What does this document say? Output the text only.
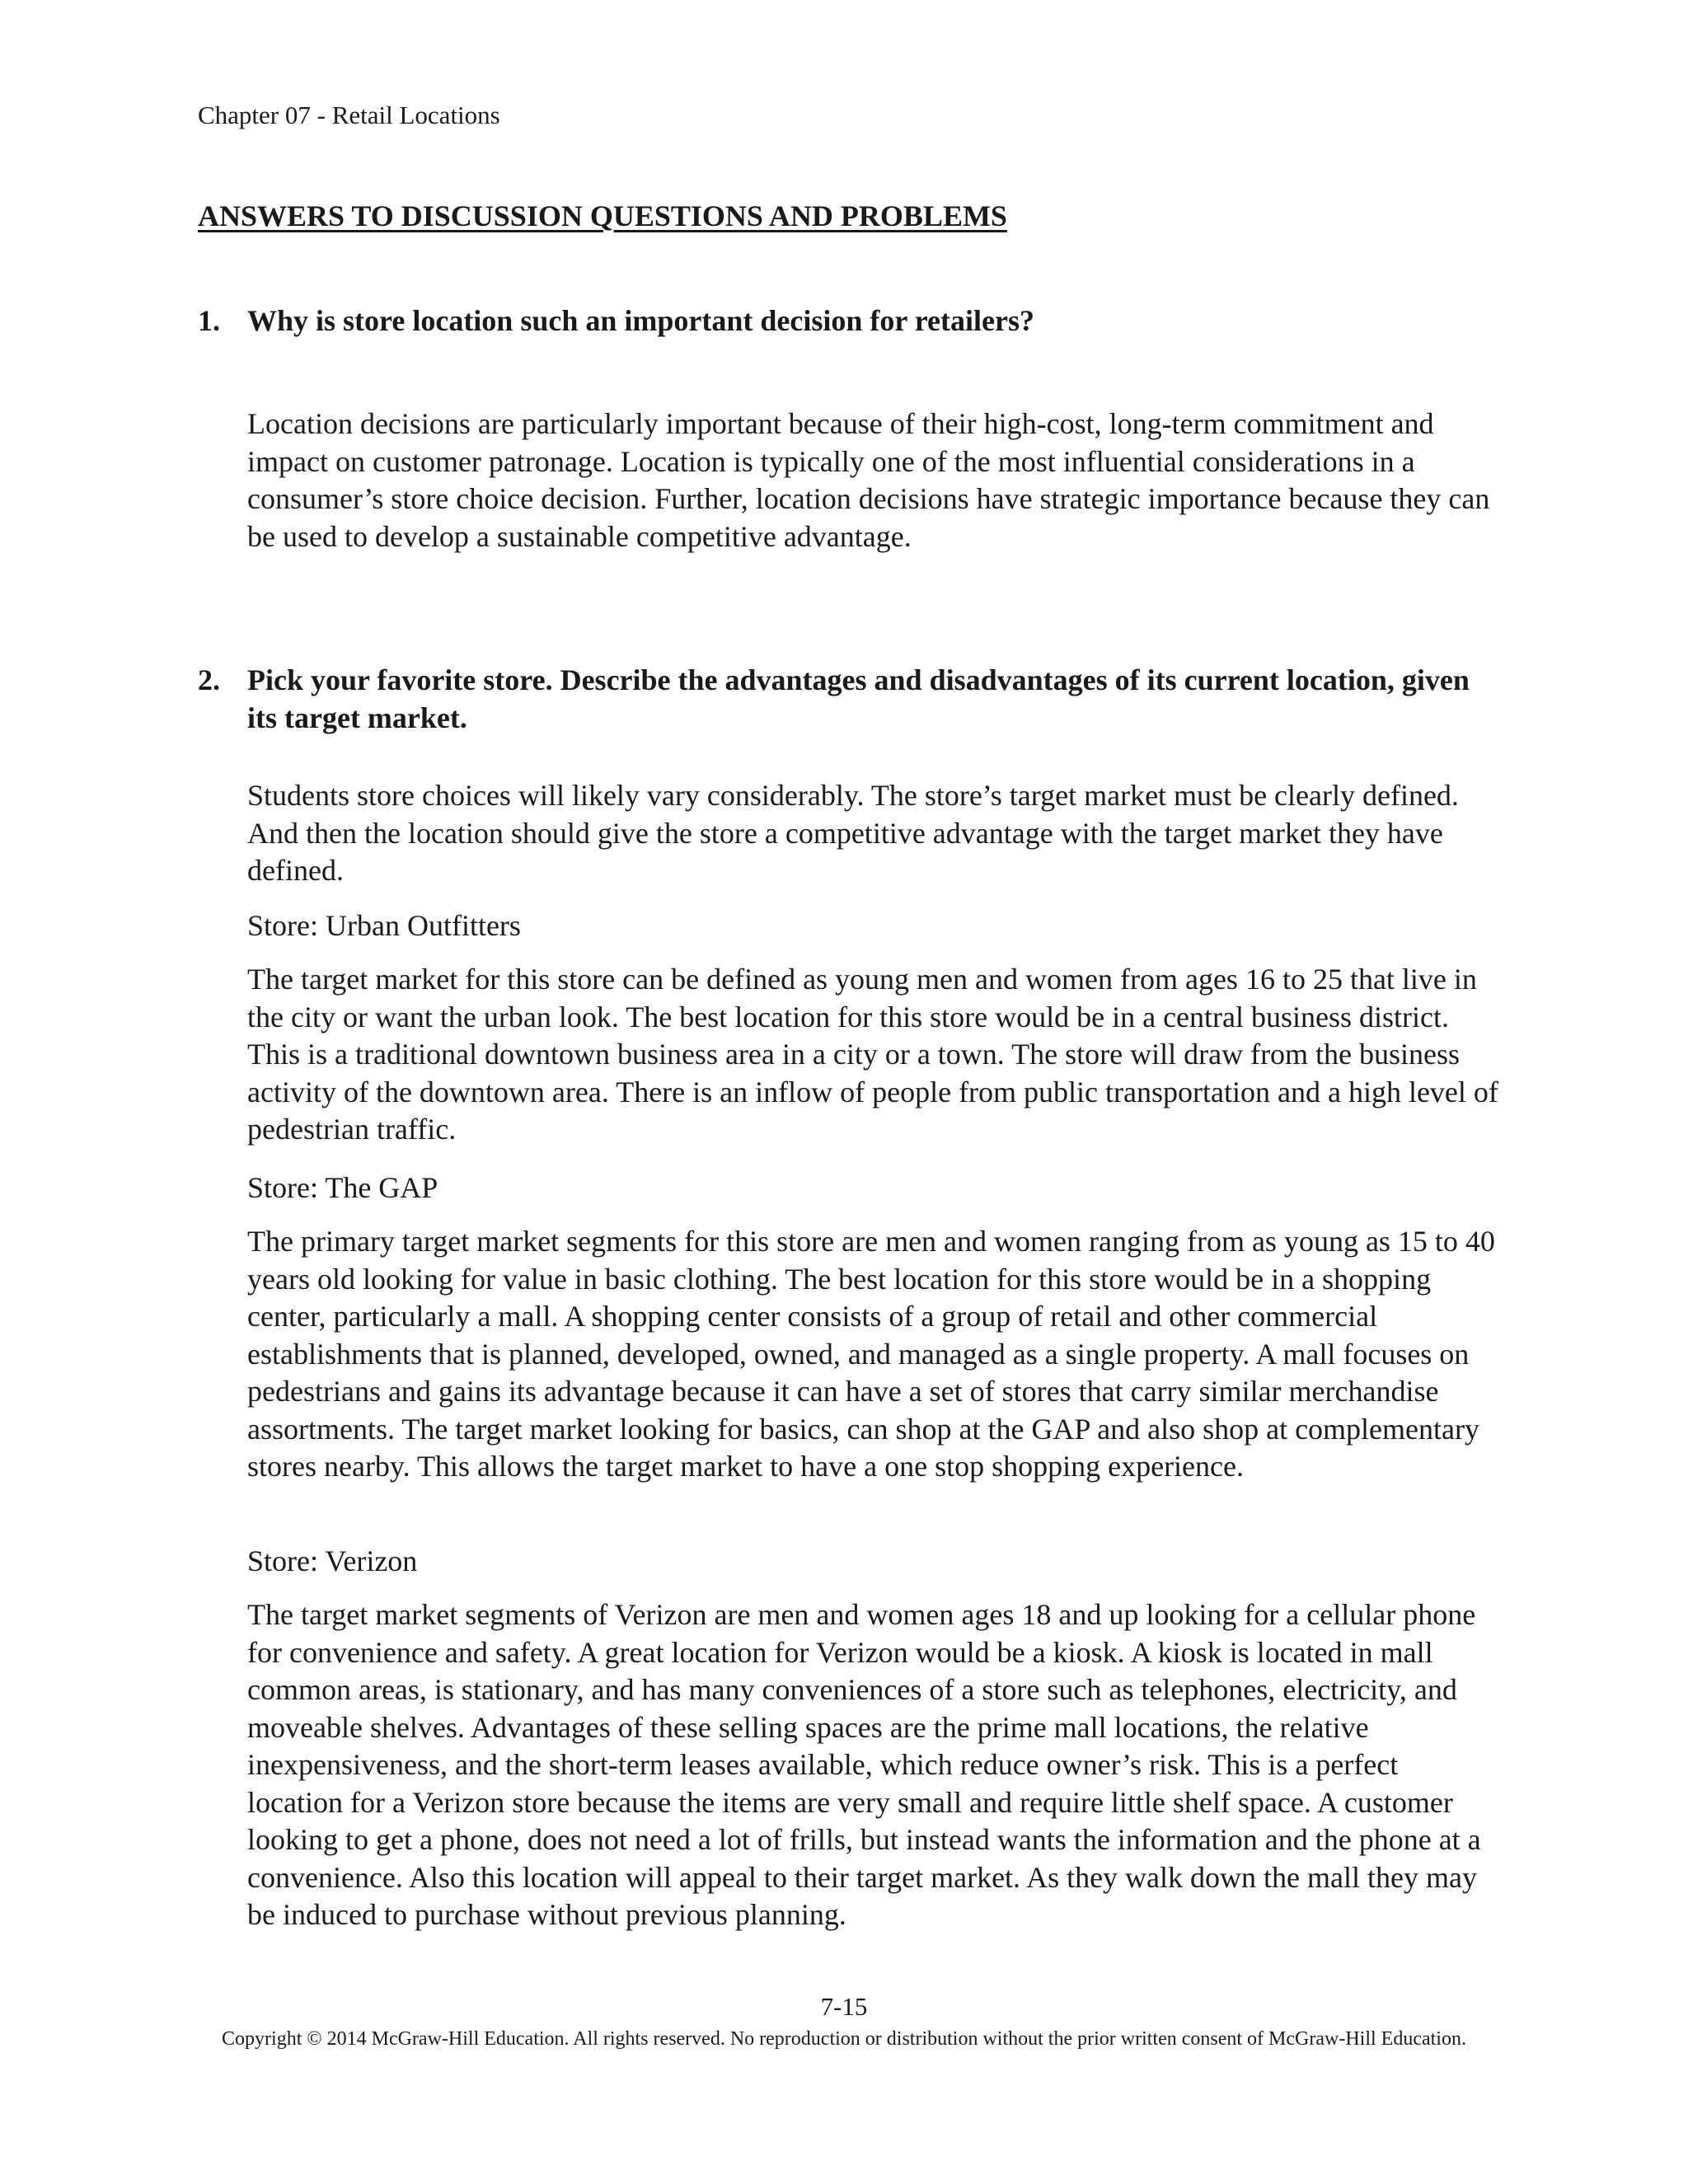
Chapter 07 - Retail Locations
ANSWERS TO DISCUSSION QUESTIONS AND PROBLEMS
1. Why is store location such an important decision for retailers?

Location decisions are particularly important because of their high-cost, long-term commitment and impact on customer patronage. Location is typically one of the most influential considerations in a consumer’s store choice decision. Further, location decisions have strategic importance because they can be used to develop a sustainable competitive advantage.

2. Pick your favorite store. Describe the advantages and disadvantages of its current location, given its target market.

Students store choices will likely vary considerably. The store’s target market must be clearly defined. And then the location should give the store a competitive advantage with the target market they have defined.

Store: Urban Outfitters

The target market for this store can be defined as young men and women from ages 16 to 25 that live in the city or want the urban look. The best location for this store would be in a central business district. This is a traditional downtown business area in a city or a town. The store will draw from the business activity of the downtown area. There is an inflow of people from public transportation and a high level of pedestrian traffic.

Store: The GAP

The primary target market segments for this store are men and women ranging from as young as 15 to 40 years old looking for value in basic clothing. The best location for this store would be in a shopping center, particularly a mall. A shopping center consists of a group of retail and other commercial establishments that is planned, developed, owned, and managed as a single property. A mall focuses on pedestrians and gains its advantage because it can have a set of stores that carry similar merchandise assortments. The target market looking for basics, can shop at the GAP and also shop at complementary stores nearby. This allows the target market to have a one stop shopping experience.

Store: Verizon

The target market segments of Verizon are men and women ages 18 and up looking for a cellular phone for convenience and safety. A great location for Verizon would be a kiosk. A kiosk is located in mall common areas, is stationary, and has many conveniences of a store such as telephones, electricity, and moveable shelves. Advantages of these selling spaces are the prime mall locations, the relative inexpensiveness, and the short-term leases available, which reduce owner’s risk. This is a perfect location for a Verizon store because the items are very small and require little shelf space. A customer looking to get a phone, does not need a lot of frills, but instead wants the information and the phone at a convenience. Also this location will appeal to their target market. As they walk down the mall they may be induced to purchase without previous planning.

7-15
Copyright © 2014 McGraw-Hill Education. All rights reserved. No reproduction or distribution without the prior written consent of McGraw-Hill Education.
